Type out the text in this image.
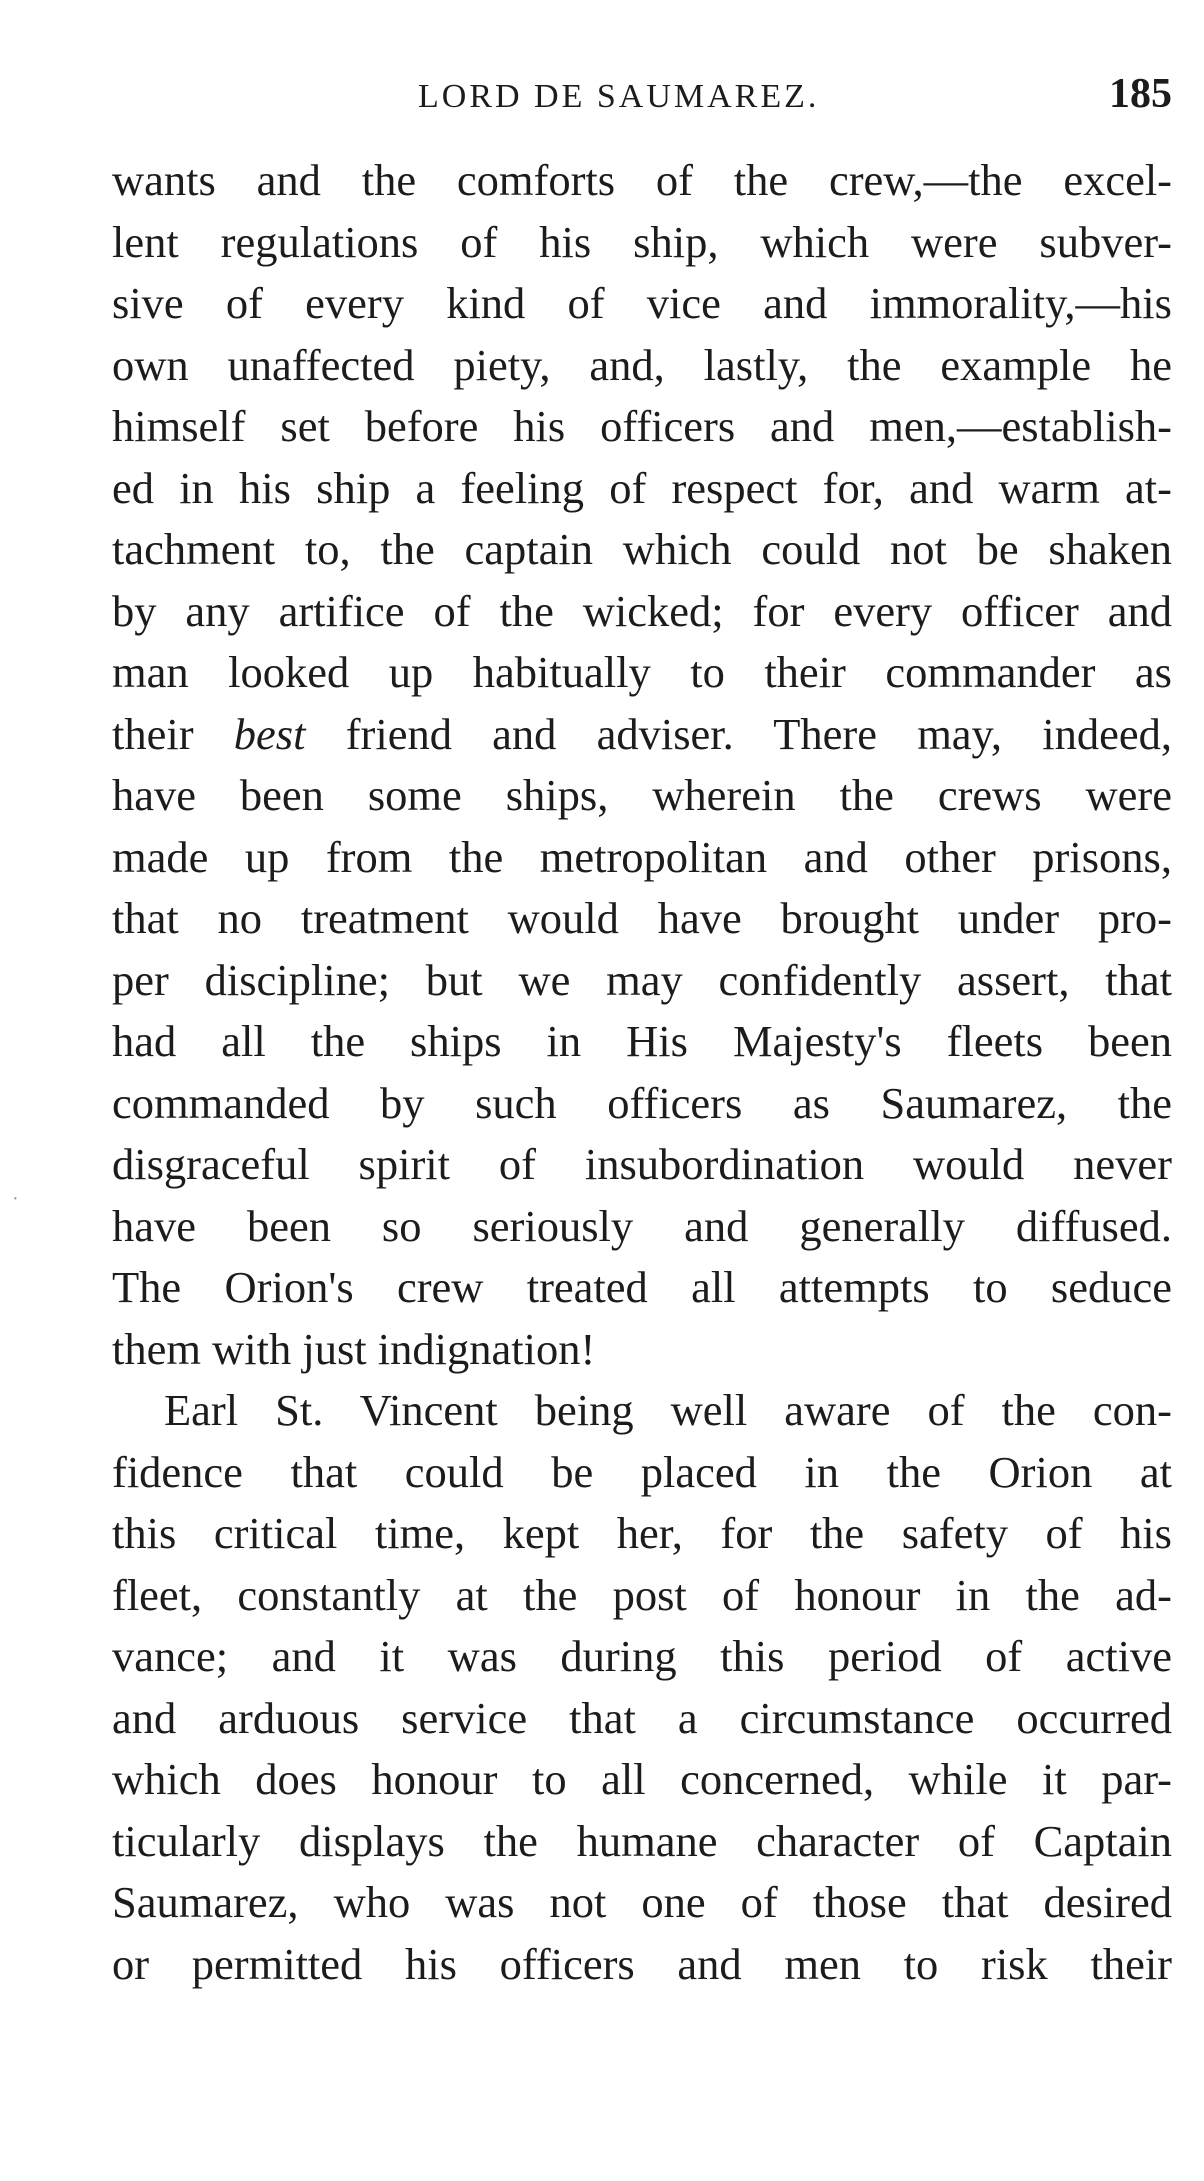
LORD DE SAUMAREZ.	185
·
wants and the comforts of the crew,—the excel-
lent regulations of his ship, which were subver-
sive of every kind of vice and immorality,—his
own unaffected piety, and, lastly, the example he
himself set before his officers and men,—establish-
ed in his ship a feeling of respect for, and warm at-
tachment to, the captain which could not be shaken
by any artifice of the wicked; for every officer and
man looked up habitually to their commander as
their best friend and adviser. There may, indeed,
have been some ships, wherein the crews were
made up from the metropolitan and other prisons,
that no treatment would have brought under pro-
per discipline; but we may confidently assert, that
had all the ships in His Majesty's fleets been
commanded by such officers as Saumarez, the
disgraceful spirit of insubordination would never
have been so seriously and generally diffused.
The Orion's crew treated all attempts to seduce
them with just indignation!
Earl St. Vincent being well aware of the con-
fidence that could be placed in the Orion at
this critical time, kept her, for the safety of his
fleet, constantly at the post of honour in the ad-
vance; and it was during this period of active
and arduous service that a circumstance occurred
which does honour to all concerned, while it par-
ticularly displays the humane character of Captain
Saumarez, who was not one of those that desired
or permitted his officers and men to risk their
